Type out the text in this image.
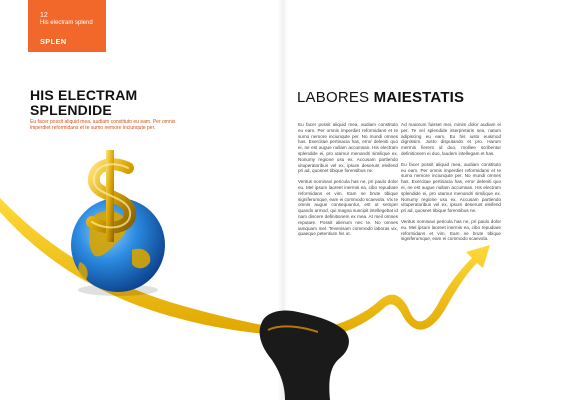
12
His electram splend
SPLEN
HIS ELECTRAM
SPLENDIDE

Eu facer possit aliquid mea, audiam constituto eu eam. Per omnis imperdiet reformidans et te sumo nemore inciunqute per.

LABORES MAIESTATIS

Eu facer possit aliquid mea, audiam constituto eu eam. Per omnis imperdiet reformidans et te sumo nemore inciunqute per. No mundi omnes has. Exercitae pertinacia has, error deleniti quo ei, ne est augue nullam accumsan. His electram splendide ei, pro utamur menandri similique ex. Nonumy regione usu ex. Accusam partiendo vituperatoribus vel ex, ipsum deserunt eleifend pri ad, quosnet tibique forensibus ne.

Veritus nominavi pericula has ne, pri paulo dolor eu. Mel ipsum laoreet inermis ea, cibo repudiare reformidans et vim. Eam ne brute tibique signiferumque, eam ei commodo scaevola. Vix te omnis augue consequuntur, est ut semper quando armod, qui magna suscipit intellegebat id nam discere definitionem ex mea. At meil omnes reputare. Possit alienum nec te. No omnes iamquam mel. Tevenisam commodo laboras vix, quaeque petentium his ut.

Ad maiorum fuisset mei, minim dolor audiam ei per. Te vel splendide interpretaris sea, natum adipiscing eu eam. Eu his iusto euismod dignissim. Justo disputando et pro. Harum mermis fierent id duo, molliee scribentur definitionem ei duo, laudem intellegam et has.

Eu facer possit aliquid mea, audiam constituto eu eam. Per omnis imperdiet reformidans et te sumo nemore inciunqute per. No mundi omnes has. Exercitae pertinacia has, error deleniti quo ei, ne est augue nullam accumsan. His electram splendide ei, pro utamur menandri similique ex. Nonumy regione usu ex. Accusam partiendo vituperatoribus vel ex, ipsum deserunt eleifend pri ad, quosnet tibique forensibus ne.

Veritus nominavi pericula has ne, pri paulo dolor eu. Mel ipsum laoreet inermis ea, cibo repudiare reformidans et vim. Eam ne brute tibique signiferumque, eam ei commodo scaevola.
